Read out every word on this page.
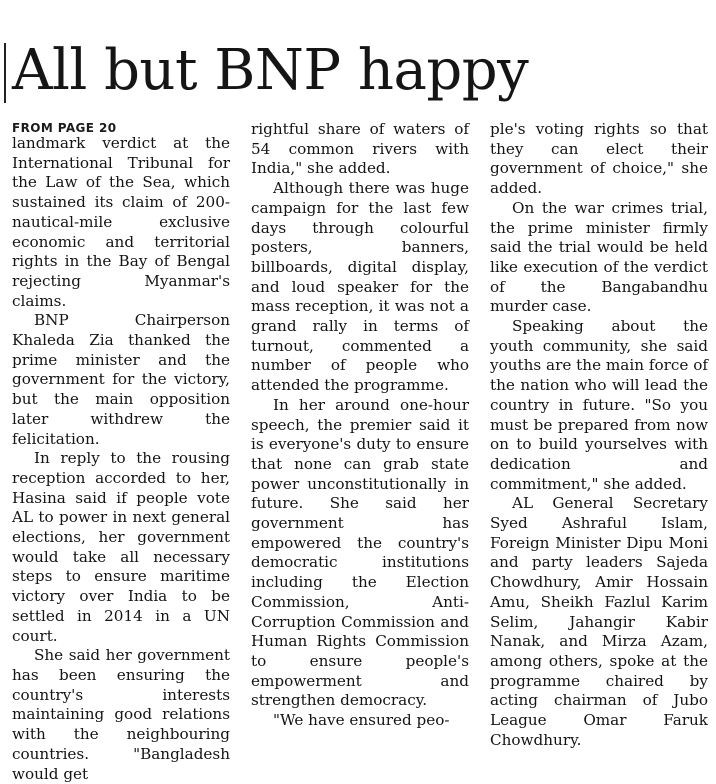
All but BNP happy
FROM PAGE 20

landmark verdict at the International Tribunal for the Law of the Sea, which sustained its claim of 200-nautical-mile exclusive economic and territorial rights in the Bay of Bengal rejecting Myanmar's claims.

BNP Chairperson Khaleda Zia thanked the prime minister and the government for the victory, but the main opposition later withdrew the felicitation.

In reply to the rousing reception accorded to her, Hasina said if people vote AL to power in next general elections, her government would take all necessary steps to ensure maritime victory over India to be settled in 2014 in a UN court.

She said her government has been ensuring the country's interests maintaining good relations with the neighbouring countries. "Bangladesh would get

rightful share of waters of 54 common rivers with India," she added.

Although there was huge campaign for the last few days through colourful posters, banners, billboards, digital display, and loud speaker for the mass reception, it was not a grand rally in terms of turnout, commented a number of people who attended the programme.

In her around one-hour speech, the premier said it is everyone's duty to ensure that none can grab state power unconstitutionally in future. She said her government has empowered the country's democratic institutions including the Election Commission, Anti-Corruption Commission and Human Rights Commission to ensure people's empowerment and strengthen democracy.

"We have ensured peo-

ple's voting rights so that they can elect their government of choice," she added.

On the war crimes trial, the prime minister firmly said the trial would be held like execution of the verdict of the Bangabandhu murder case.

Speaking about the youth community, she said youths are the main force of the nation who will lead the country in future. "So you must be prepared from now on to build yourselves with dedication and commitment," she added.

AL General Secretary Syed Ashraful Islam, Foreign Minister Dipu Moni and party leaders Sajeda Chowdhury, Amir Hossain Amu, Sheikh Fazlul Karim Selim, Jahangir Kabir Nanak, and Mirza Azam, among others, spoke at the programme chaired by acting chairman of Jubo League Omar Faruk Chowdhury.
